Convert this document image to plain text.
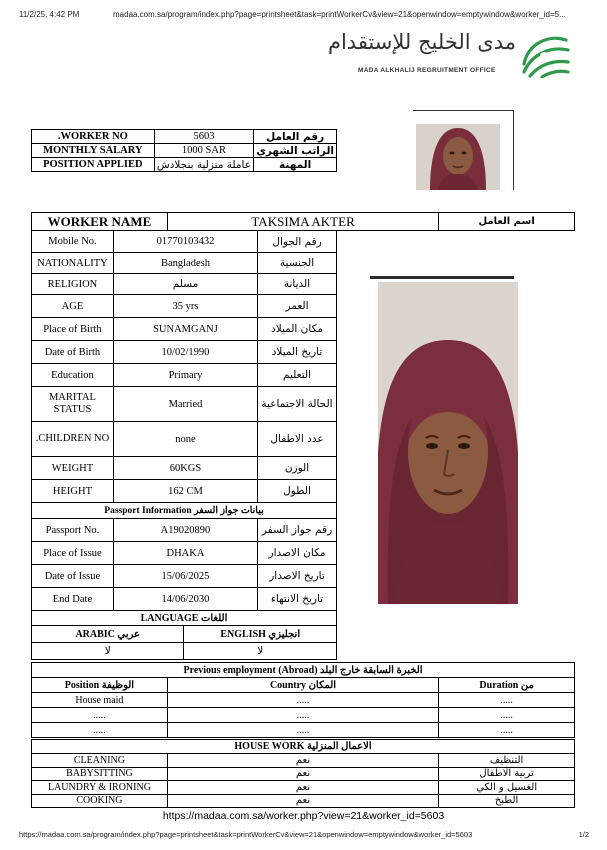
11/2/25, 4:42 PM	madaa.com.sa/program/index.php?page=printsheet&task=printWorkerCv&view=21&openwindow=emptywindow&worker_id=5...
مدى الخليج للإستقدام
MADA ALKHALIJ REGRUITMENT OFFICE
.WORKER NO	5603	رقم العامل
MONTHLY SALARY	1000 SAR	الراتب الشهري
POSITION APPLIED	عاملة منزلية بنجلادش	المهنة
WORKER NAME	TAKSIMA AKTER	اسم العامل
Mobile No.	01770103432	رقم الجوال
NATIONALITY	Bangladesh	الجنسية
RELIGION	مسلم	الديانة
AGE	35 yrs	العمر
Place of Birth	SUNAMGANJ	مكان الميلاد
Date of Birth	10/02/1990	تاريخ الميلاد
Education	Primary	التعليم
MARITAL STATUS	Married	الحالة الاجتماعية
.CHILDREN NO	none	عدد الاطفال
WEIGHT	60KGS	الوزن
HEIGHT	162 CM	الطول
Passport Information بيانات جواز السفر		
Passport No.	A19020890	رقم جواز السفر
Place of Issue	DHAKA	مكان الاصدار
Date of Issue	15/06/2025	تاريخ الاصدار
End Date	14/06/2030	تاريخ الانتهاء
LANGUAGE اللغات	
ARABIC عربي	ENGLISH انجليزي
لا	لا
Previous employment (Abroad) الخبرة السابقة خارج البلد		
Position الوظيفة	Country المكان	Duration من
House maid	.....	.....
.....	.....	.....
.....	.....	.....
HOUSE WORK الاعمال المنزلية		
CLEANING	نعم	التنظيف
BABYSITTING	نعم	تربية الاطفال
LAUNDRY & IRONING	نعم	الغسيل و الكي
COOKING	نعم	الطبخ
https://madaa.com.sa/worker.php?view=21&worker_id=5603
https://madaa.com.sa/program/index.php?page=printsheet&task=printWorkerCv&view=21&openwindow=emptywindow&worker_id=5603	1/2
